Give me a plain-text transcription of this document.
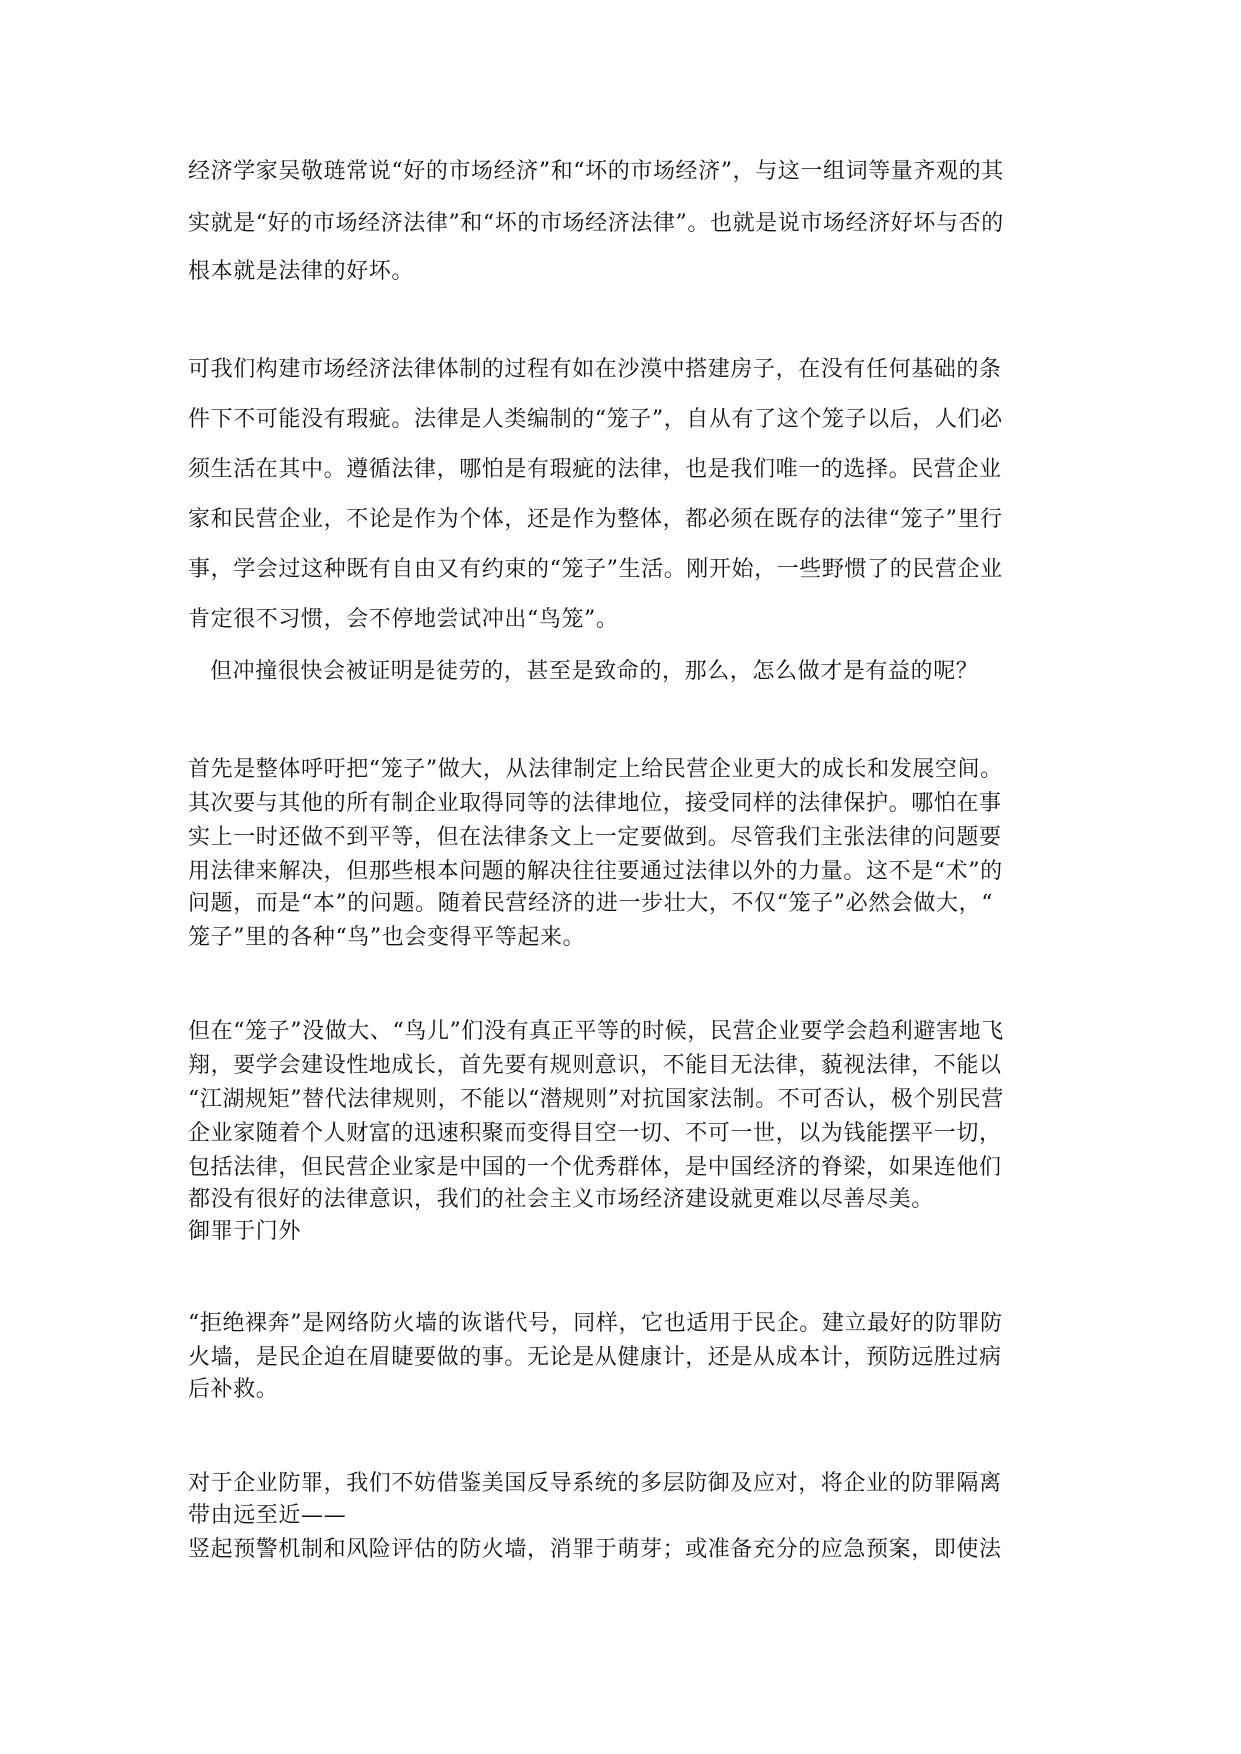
经济学家吴敬琏常说“好的市场经济”和“坏的市场经济”，与这一组词等量齐观的其

实就是“好的市场经济法律”和“坏的市场经济法律”。也就是说市场经济好坏与否的

根本就是法律的好坏。

可我们构建市场经济法律体制的过程有如在沙漠中搭建房子，在没有任何基础的条

件下不可能没有瑕疵。法律是人类编制的“笼子”，自从有了这个笼子以后，人们必

须生活在其中。遵循法律，哪怕是有瑕疵的法律，也是我们唯一的选择。民营企业

家和民营企业，不论是作为个体，还是作为整体，都必须在既存的法律“笼子”里行

事，学会过这种既有自由又有约束的“笼子”生活。刚开始，一些野惯了的民营企业

肯定很不习惯，会不停地尝试冲出“鸟笼”。

但冲撞很快会被证明是徒劳的，甚至是致命的，那么，怎么做才是有益的呢？

首先是整体呼吁把“笼子”做大，从法律制定上给民营企业更大的成长和发展空间。

其次要与其他的所有制企业取得同等的法律地位，接受同样的法律保护。哪怕在事

实上一时还做不到平等，但在法律条文上一定要做到。尽管我们主张法律的问题要

用法律来解决，但那些根本问题的解决往往要通过法律以外的力量。这不是“术”的

问题，而是“本”的问题。随着民营经济的进一步壮大，不仅“笼子”必然会做大，“

笼子”里的各种“鸟”也会变得平等起来。

但在“笼子”没做大、“鸟儿”们没有真正平等的时候，民营企业要学会趋利避害地飞

翔，要学会建设性地成长，首先要有规则意识，不能目无法律，藐视法律，不能以

“江湖规矩”替代法律规则，不能以“潜规则”对抗国家法制。不可否认，极个别民营

企业家随着个人财富的迅速积聚而变得目空一切、不可一世，以为钱能摆平一切，

包括法律，但民营企业家是中国的一个优秀群体，是中国经济的脊梁，如果连他们

都没有很好的法律意识，我们的社会主义市场经济建设就更难以尽善尽美。

御罪于门外

“拒绝裸奔”是网络防火墙的诙谐代号，同样，它也适用于民企。建立最好的防罪防

火墙，是民企迫在眉睫要做的事。无论是从健康计，还是从成本计，预防远胜过病

后补救。

对于企业防罪，我们不妨借鉴美国反导系统的多层防御及应对，将企业的防罪隔离

带由远至近——

竖起预警机制和风险评估的防火墙，消罪于萌芽；或准备充分的应急预案，即使法
